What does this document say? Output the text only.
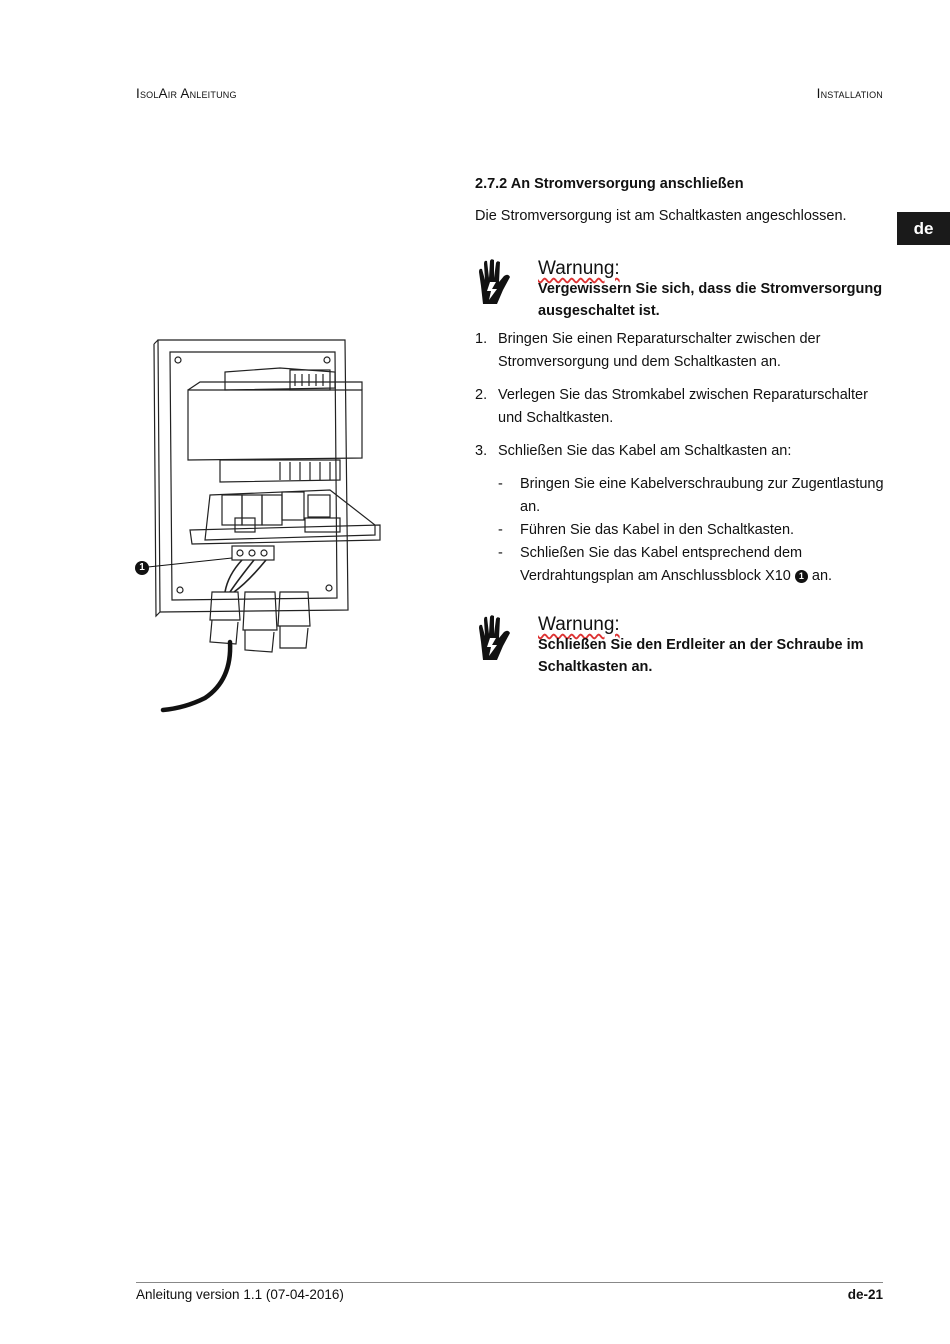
IsolAir Anleitung	Installation
de
2.7.2 An Stromversorgung anschließen
Die Stromversorgung ist am Schaltkasten angeschlossen.
Warnung:
Vergewissern Sie sich, dass die Stromversorgung ausgeschaltet ist.
1. Bringen Sie einen Reparaturschalter zwischen der Stromversorgung und dem Schaltkasten an.
2. Verlegen Sie das Stromkabel zwischen Reparaturschalter und Schaltkasten.
3. Schließen Sie das Kabel am Schaltkasten an:
- Bringen Sie eine Kabelverschraubung zur Zugentlastung an.
- Führen Sie das Kabel in den Schaltkasten.
- Schließen Sie das Kabel entsprechend dem Verdrahtungsplan am Anschlussblock X10 1 an.
Warnung:
Schließen Sie den Erdleiter an der Schraube im Schaltkasten an.
1
Anleitung version 1.1 (07-04-2016)	de-21
